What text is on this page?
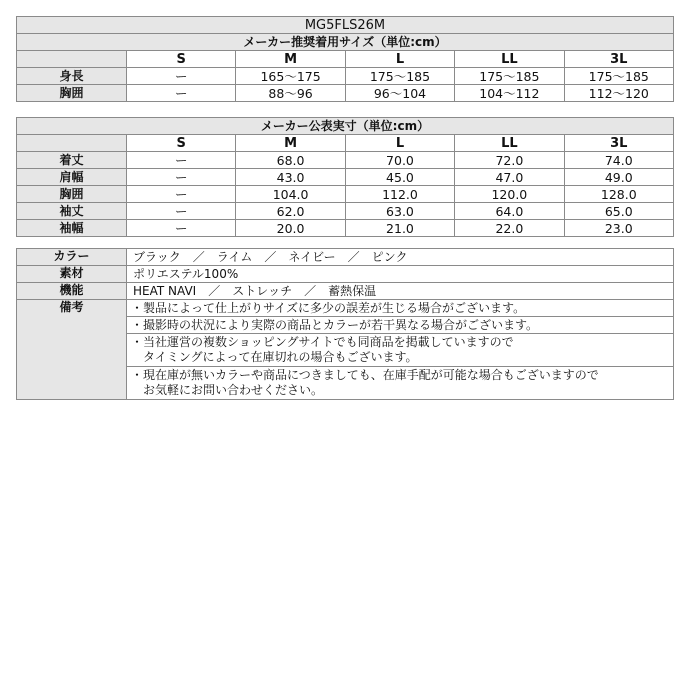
MG5FLS26M					
メーカー推奨着用サイズ（単位:cm）					
	S	M	L	LL	3L
身長	ー	165～175	175～185	175～185	175～185
胸囲	ー	88～96	96～104	104～112	112～120
メーカー公表実寸（単位:cm）					
	S	M	L	LL	3L
着丈	ー	68.0	70.0	72.0	74.0
肩幅	ー	43.0	45.0	47.0	49.0
胸囲	ー	104.0	112.0	120.0	128.0
袖丈	ー	62.0	63.0	64.0	65.0
袖幅	ー	20.0	21.0	22.0	23.0
カラー	ブラック　／　ライム　／　ネイビー　／　ピンク
素材	ポリエステル100%
機能	HEAT NAVI　／　ストレッチ　／　蓄熱保温
備考	・製品によって仕上がりサイズに多少の誤差が生じる場合がございます。

	・撮影時の状況により実際の商品とカラーが若干異なる場合がございます。

	・当社運営の複数ショッピングサイトでも同商品を掲載していますので
　タイミングによって在庫切れの場合もございます。

	・現在庫が無いカラーや商品につきましても、在庫手配が可能な場合もございますので
　お気軽にお問い合わせください。
